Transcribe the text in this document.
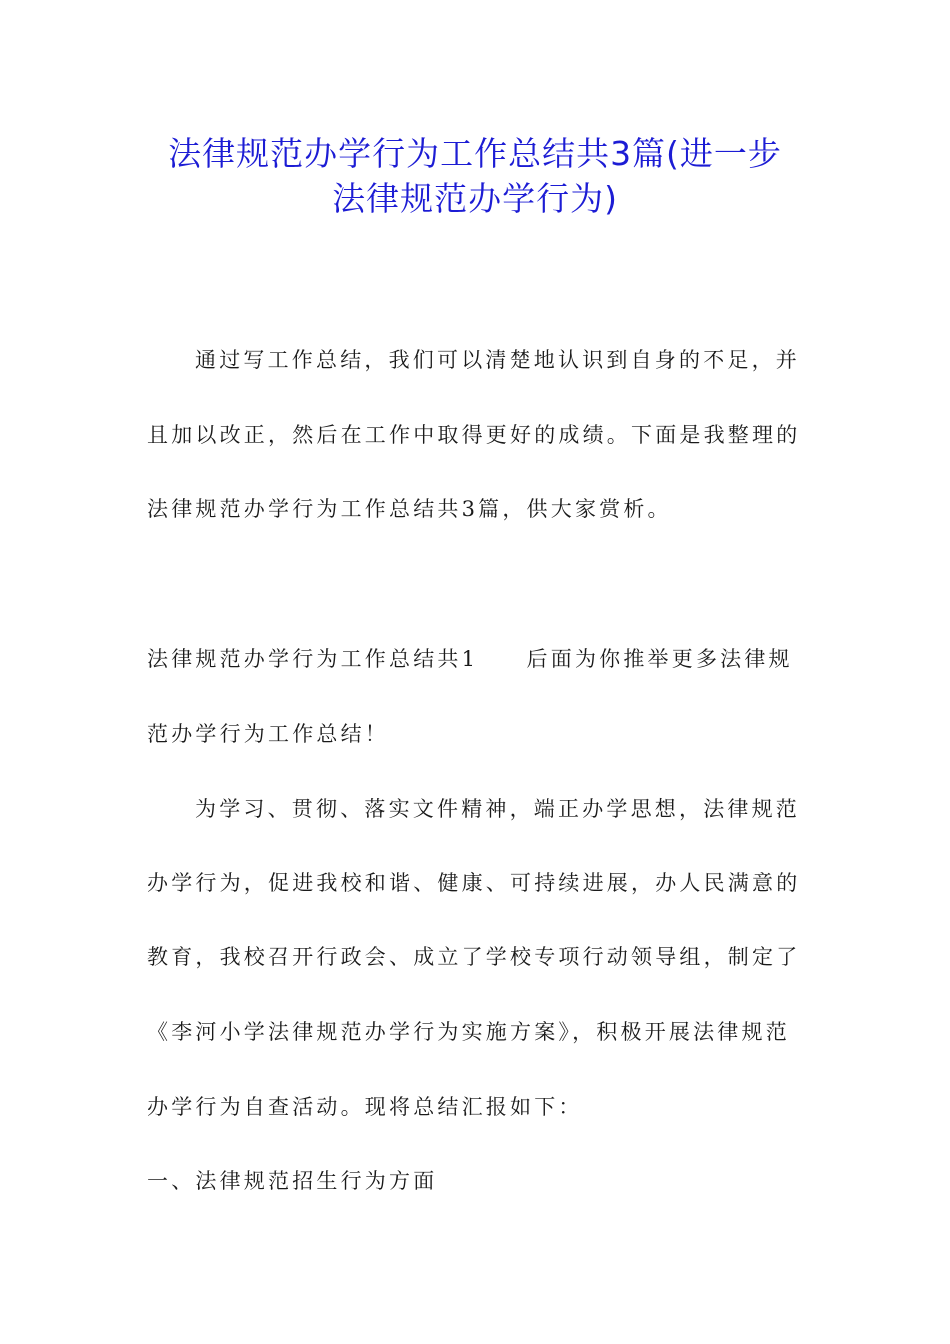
法律规范办学行为工作总结共3篇(进一步
法律规范办学行为)
通过写工作总结，我们可以清楚地认识到自身的不足，并
且加以改正，然后在工作中取得更好的成绩。下面是我整理的
法律规范办学行为工作总结共3篇，供大家赏析。
法律规范办学行为工作总结共1　　后面为你推举更多法律规
范办学行为工作总结！
为学习、贯彻、落实文件精神，端正办学思想，法律规范
办学行为，促进我校和谐、健康、可持续进展，办人民满意的
教育，我校召开行政会、成立了学校专项行动领导组，制定了
《李河小学法律规范办学行为实施方案》，积极开展法律规范
办学行为自查活动。现将总结汇报如下：
一、法律规范招生行为方面
